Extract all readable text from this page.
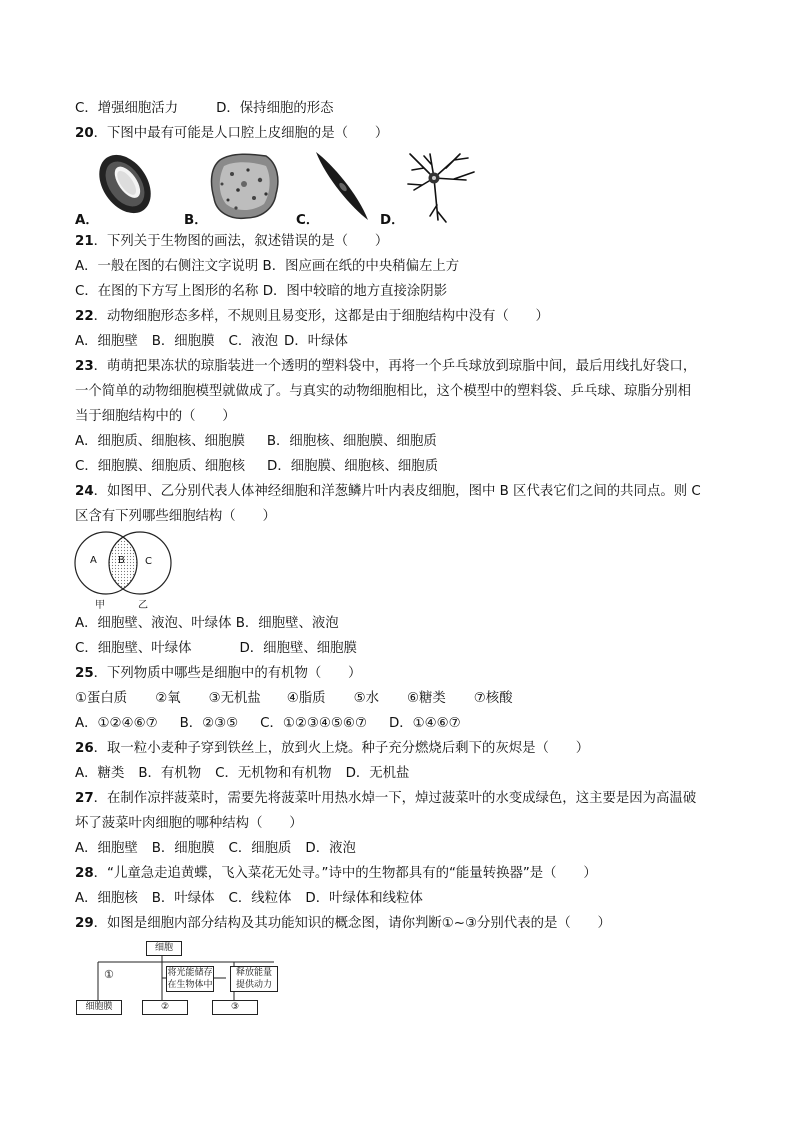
C．增强细胞活力	D．保持细胞的形态
20．下图中最有可能是人口腔上皮细胞的是（　　）
A．	B．	C．	D．
21．下列关于生物图的画法，叙述错误的是（　　）
A．一般在图的右侧注文字说明 B．图应画在纸的中央稍偏左上方
C．在图的下方写上图形的名称 D．图中较暗的地方直接涂阴影
22．动物细胞形态多样，不规则且易变形，这都是由于细胞结构中没有（　　）
A．细胞壁 B．细胞膜 C．液泡 D．叶绿体
23．萌萌把果冻状的琼脂装进一个透明的塑料袋中，再将一个乒乓球放到琼脂中间，最后用线扎好袋口，
一个简单的动物细胞模型就做成了。与真实的动物细胞相比，这个模型中的塑料袋、乒乓球、琼脂分别相
当于细胞结构中的（　　）
A．细胞质、细胞核、细胞膜 B．细胞核、细胞膜、细胞质
C．细胞膜、细胞质、细胞核 D．细胞膜、细胞核、细胞质
24．如图甲、乙分别代表人体神经细胞和洋葱鳞片叶内表皮细胞，图中 B 区代表它们之间的共同点。则 C
区含有下列哪些细胞结构（　　）
A B C
甲	乙
A．细胞壁、液泡、叶绿体 B．细胞壁、液泡
C．细胞壁、叶绿体	D．细胞壁、细胞膜
25．下列物质中哪些是细胞中的有机物（　　）
①蛋白质 ②氧 ③无机盐 ④脂质 ⑤水 ⑥糖类 ⑦核酸
A．①②④⑥⑦ B．②③⑤ C．①②③④⑤⑥⑦ D．①④⑥⑦
26．取一粒小麦种子穿到铁丝上，放到火上烧。种子充分燃烧后剩下的灰烬是（　　）
A．糖类 B．有机物 C．无机物和有机物 D．无机盐
27．在制作凉拌菠菜时，需要先将菠菜叶用热水焯一下，焯过菠菜叶的水变成绿色，这主要是因为高温破
坏了菠菜叶肉细胞的哪种结构（　　）
A．细胞壁 B．细胞膜 C．细胞质 D．液泡
28．“儿童急走追黄蝶，飞入菜花无处寻。”诗中的生物都具有的“能量转换器”是（　　）
A．细胞核 B．叶绿体 C．线粒体 D．叶绿体和线粒体
29．如图是细胞内部分结构及其功能知识的概念图，请你判断①~③分别代表的是（　　）
细胞
①	将光能储存
在生物体中
释放能量
提供动力
细胞膜	②	③
